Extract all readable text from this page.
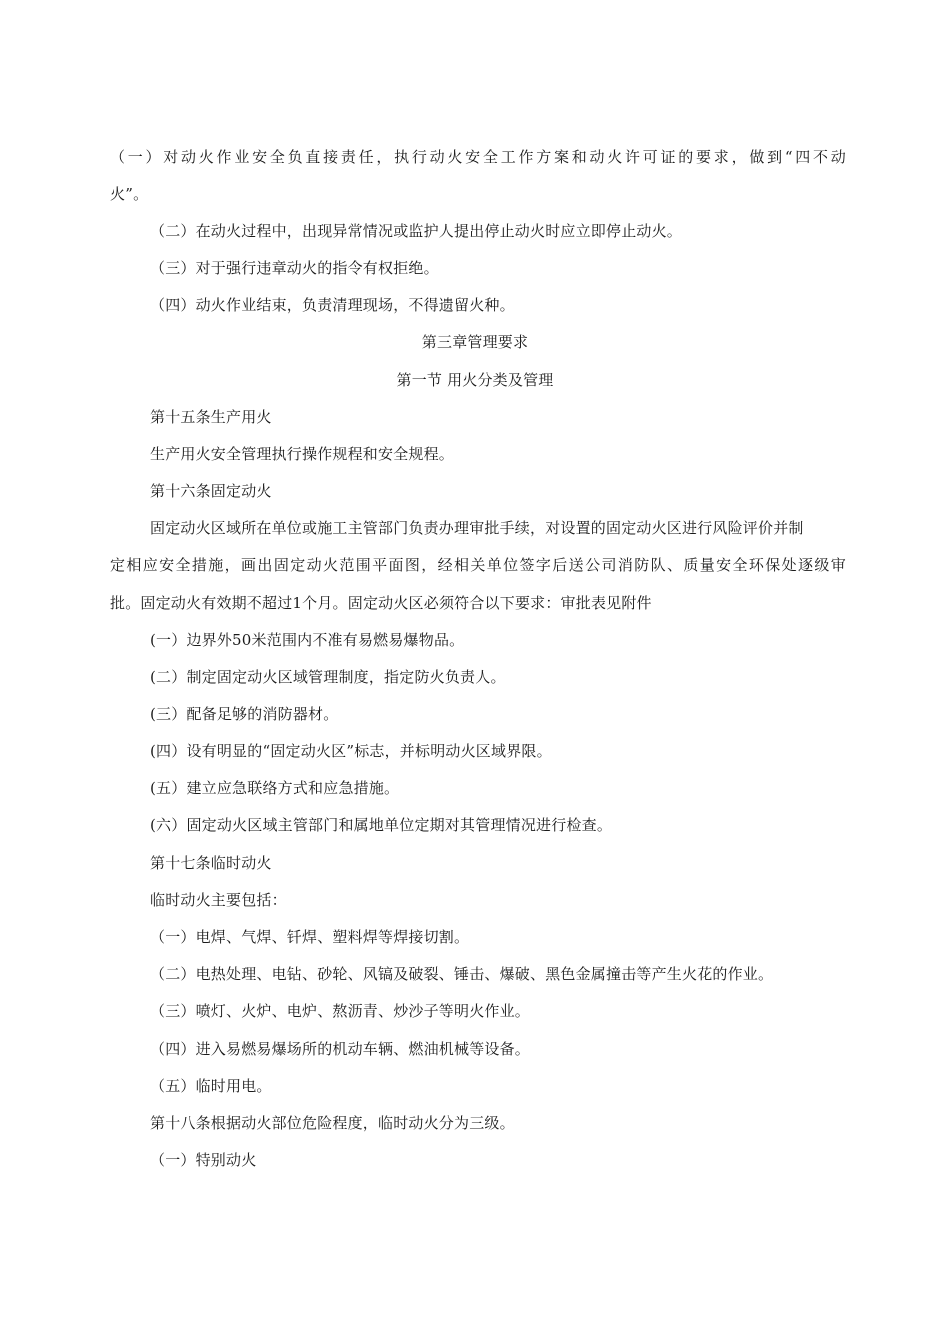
（一）对动火作业安全负直接责任，执行动火安全工作方案和动火许可证的要求，做到“四不动
火”。
（二）在动火过程中，出现异常情况或监护人提出停止动火时应立即停止动火。
（三）对于强行违章动火的指令有权拒绝。
（四）动火作业结束，负责清理现场，不得遗留火种。
第三章管理要求
第一节 用火分类及管理
第十五条生产用火
生产用火安全管理执行操作规程和安全规程。
第十六条固定动火
固定动火区域所在单位或施工主管部门负责办理审批手续，对设置的固定动火区进行风险评价并制
定相应安全措施，画出固定动火范围平面图，经相关单位签字后送公司消防队、质量安全环保处逐级审
批。固定动火有效期不超过1个月。固定动火区必须符合以下要求：审批表见附件
(一）边界外50米范围内不准有易燃易爆物品。
(二）制定固定动火区域管理制度，指定防火负责人。
(三）配备足够的消防器材。
(四）设有明显的“固定动火区”标志，并标明动火区域界限。
(五）建立应急联络方式和应急措施。
(六）固定动火区域主管部门和属地单位定期对其管理情况进行检查。
第十七条临时动火
临时动火主要包括：
（一）电焊、气焊、钎焊、塑料焊等焊接切割。
（二）电热处理、电钻、砂轮、风镐及破裂、锤击、爆破、黑色金属撞击等产生火花的作业。
（三）喷灯、火炉、电炉、熬沥青、炒沙子等明火作业。
（四）进入易燃易爆场所的机动车辆、燃油机械等设备。
（五）临时用电。
第十八条根据动火部位危险程度，临时动火分为三级。
（一）特别动火
